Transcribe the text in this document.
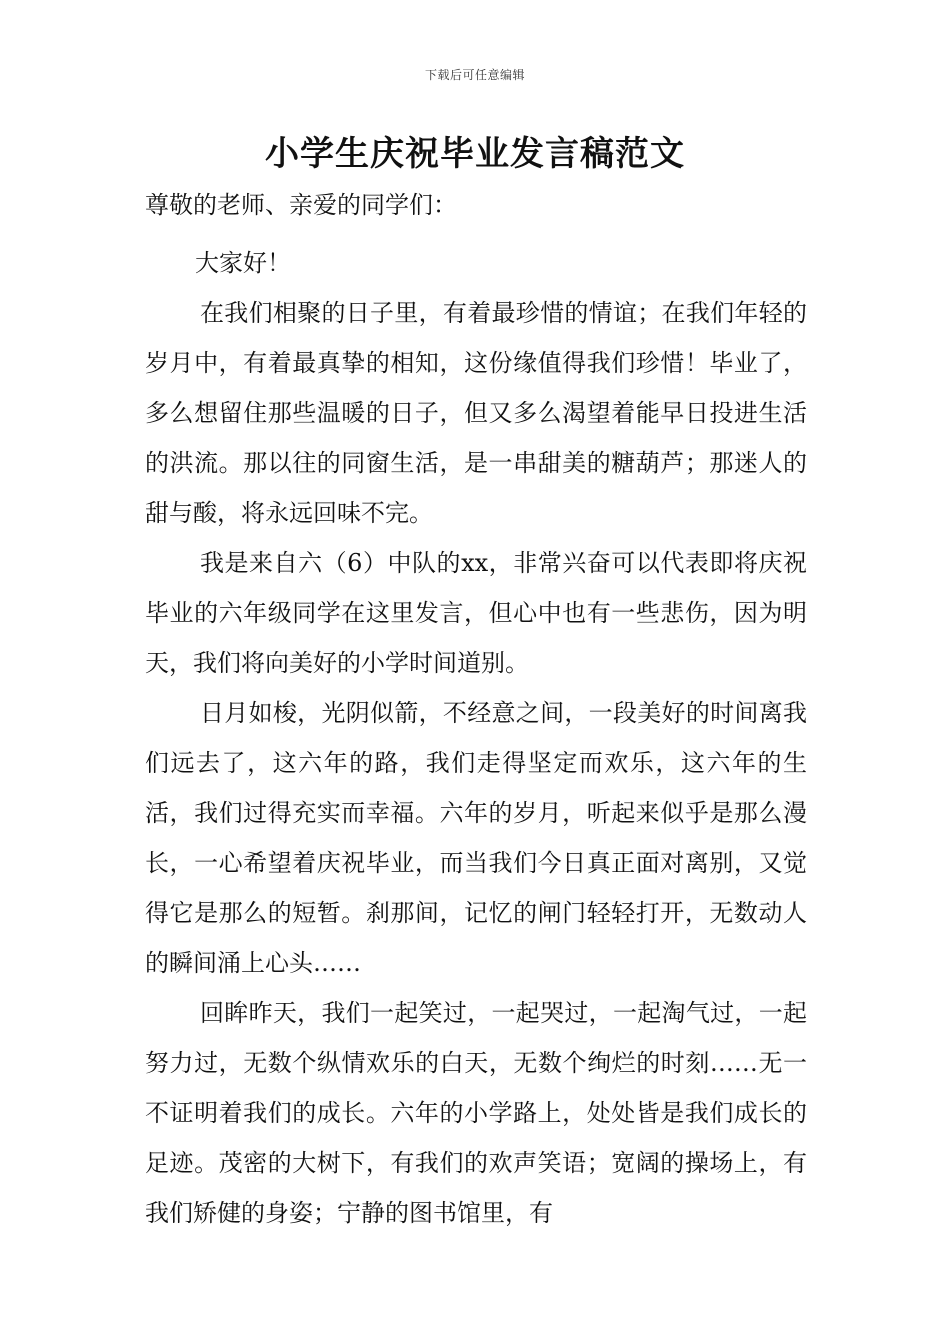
下载后可任意编辑
小学生庆祝毕业发言稿范文

尊敬的老师、亲爱的同学们：

大家好！

在我们相聚的日子里，有着最珍惜的情谊；在我们年轻的岁月中，有着最真挚的相知，这份缘值得我们珍惜！毕业了，多么想留住那些温暖的日子，但又多么渴望着能早日投进生活的洪流。那以往的同窗生活，是一串甜美的糖葫芦；那迷人的甜与酸，将永远回味不完。

我是来自六（6）中队的xx，非常兴奋可以代表即将庆祝毕业的六年级同学在这里发言，但心中也有一些悲伤，因为明天，我们将向美好的小学时间道别。

日月如梭，光阴似箭，不经意之间，一段美好的时间离我们远去了，这六年的路，我们走得坚定而欢乐，这六年的生活，我们过得充实而幸福。六年的岁月，听起来似乎是那么漫长，一心希望着庆祝毕业，而当我们今日真正面对离别，又觉得它是那么的短暂。刹那间，记忆的闸门轻轻打开，无数动人的瞬间涌上心头……

回眸昨天，我们一起笑过，一起哭过，一起淘气过，一起努力过，无数个纵情欢乐的白天，无数个绚烂的时刻……无一不证明着我们的成长。六年的小学路上，处处皆是我们成长的足迹。茂密的大树下，有我们的欢声笑语；宽阔的操场上，有我们矫健的身姿；宁静的图书馆里，有
